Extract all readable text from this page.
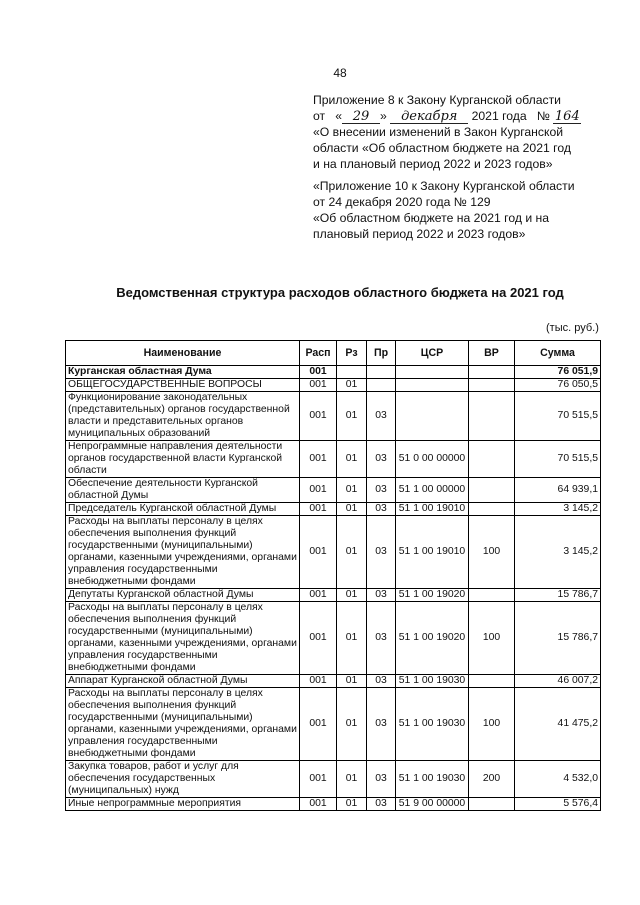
48
Приложение 8 к Закону Курганской области
от « 29 » декабря 2021 года № 164
«О внесении изменений в Закон Курганской
области «Об областном бюджете на 2021 год
и на плановый период 2022 и 2023 годов»
«Приложение 10 к Закону Курганской области
от 24 декабря 2020 года № 129
«Об областном бюджете на 2021 год и на
плановый период 2022 и 2023 годов»
Ведомственная структура расходов областного бюджета на 2021 год
(тыс. руб.)
Наименование	Расп	Рз	Пр	ЦСР	ВР	Сумма
Курганская областная Дума	001					76 051,9
ОБЩЕГОСУДАРСТВЕННЫЕ ВОПРОСЫ	001	01				76 050,5
Функционирование законодательных (представительных) органов государственной власти и представительных органов муниципальных образований	001	01	03			70 515,5
Непрограммные направления деятельности органов государственной власти Курганской области	001	01	03	51 0 00 00000		70 515,5
Обеспечение деятельности Курганской областной Думы	001	01	03	51 1 00 00000		64 939,1
Председатель Курганской областной Думы	001	01	03	51 1 00 19010		3 145,2
Расходы на выплаты персоналу в целях обеспечения выполнения функций государственными (муниципальными) органами, казенными учреждениями, органами управления государственными внебюджетными фондами	001	01	03	51 1 00 19010	100	3 145,2
Депутаты Курганской областной Думы	001	01	03	51 1 00 19020		15 786,7
Расходы на выплаты персоналу в целях обеспечения выполнения функций государственными (муниципальными) органами, казенными учреждениями, органами управления государственными внебюджетными фондами	001	01	03	51 1 00 19020	100	15 786,7
Аппарат Курганской областной Думы	001	01	03	51 1 00 19030		46 007,2
Расходы на выплаты персоналу в целях обеспечения выполнения функций государственными (муниципальными) органами, казенными учреждениями, органами управления государственными внебюджетными фондами	001	01	03	51 1 00 19030	100	41 475,2
Закупка товаров, работ и услуг для обеспечения государственных (муниципальных) нужд	001	01	03	51 1 00 19030	200	4 532,0
Иные непрограммные мероприятия	001	01	03	51 9 00 00000		5 576,4
